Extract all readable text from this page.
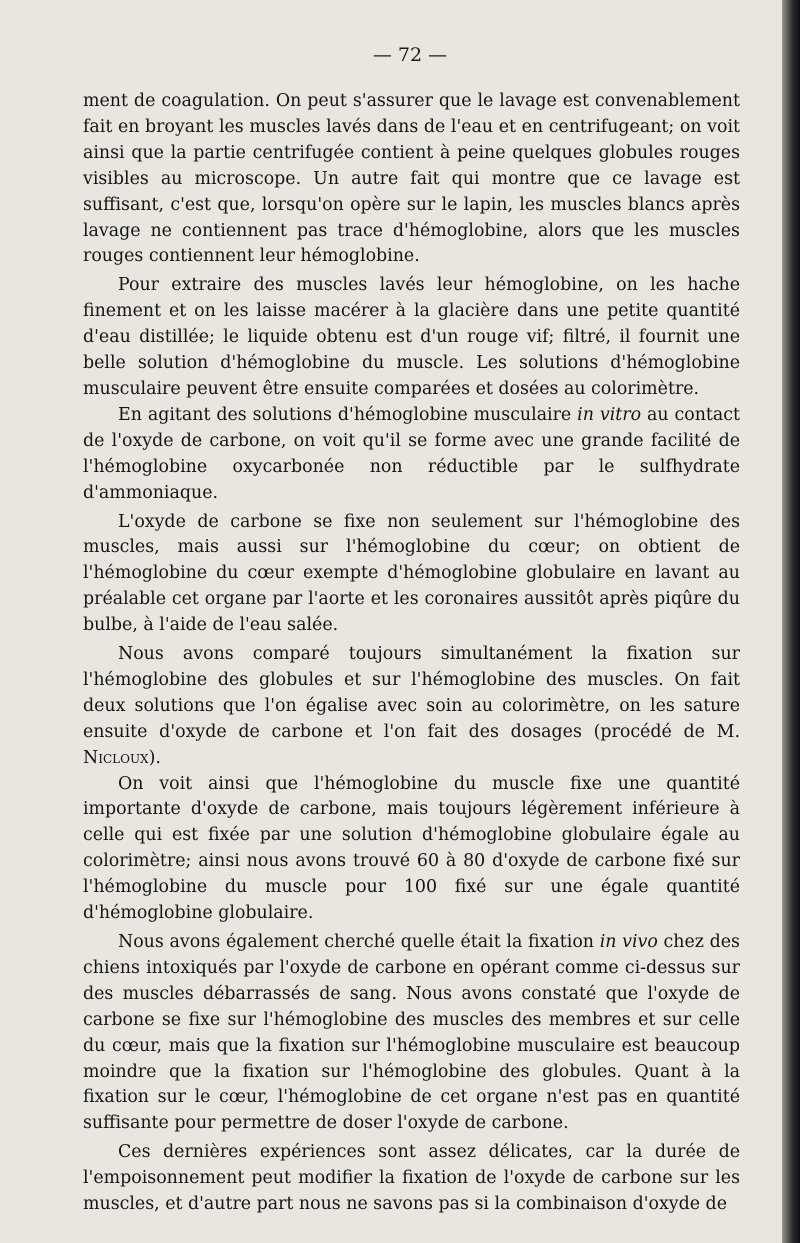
— 72 —

ment de coagulation. On peut s'assurer que le lavage est convenablement fait en broyant les muscles lavés dans de l'eau et en centrifugeant; on voit ainsi que la partie centrifugée contient à peine quelques globules rouges visibles au microscope. Un autre fait qui montre que ce lavage est suffisant, c'est que, lorsqu'on opère sur le lapin, les muscles blancs après lavage ne contiennent pas trace d'hémoglobine, alors que les muscles rouges contiennent leur hémoglobine.

Pour extraire des muscles lavés leur hémoglobine, on les hache finement et on les laisse macérer à la glacière dans une petite quantité d'eau distillée; le liquide obtenu est d'un rouge vif; filtré, il fournit une belle solution d'hémoglobine du muscle. Les solutions d'hémoglobine musculaire peuvent être ensuite comparées et dosées au colorimètre.

En agitant des solutions d'hémoglobine musculaire in vitro au contact de l'oxyde de carbone, on voit qu'il se forme avec une grande facilité de l'hémoglobine oxycarbonée non réductible par le sulfhydrate d'ammoniaque.

L'oxyde de carbone se fixe non seulement sur l'hémoglobine des muscles, mais aussi sur l'hémoglobine du cœur; on obtient de l'hémoglobine du cœur exempte d'hémoglobine globulaire en lavant au préalable cet organe par l'aorte et les coronaires aussitôt après piqûre du bulbe, à l'aide de l'eau salée.

Nous avons comparé toujours simultanément la fixation sur l'hémoglobine des globules et sur l'hémoglobine des muscles. On fait deux solutions que l'on égalise avec soin au colorimètre, on les sature ensuite d'oxyde de carbone et l'on fait des dosages (procédé de M. Nicloux).

On voit ainsi que l'hémoglobine du muscle fixe une quantité importante d'oxyde de carbone, mais toujours légèrement inférieure à celle qui est fixée par une solution d'hémoglobine globulaire égale au colorimètre; ainsi nous avons trouvé 60 à 80 d'oxyde de carbone fixé sur l'hémoglobine du muscle pour 100 fixé sur une égale quantité d'hémoglobine globulaire.

Nous avons également cherché quelle était la fixation in vivo chez des chiens intoxiqués par l'oxyde de carbone en opérant comme ci-dessus sur des muscles débarrassés de sang. Nous avons constaté que l'oxyde de carbone se fixe sur l'hémoglobine des muscles des membres et sur celle du cœur, mais que la fixation sur l'hémoglobine musculaire est beaucoup moindre que la fixation sur l'hémoglobine des globules. Quant à la fixation sur le cœur, l'hémoglobine de cet organe n'est pas en quantité suffisante pour permettre de doser l'oxyde de carbone.

Ces dernières expériences sont assez délicates, car la durée de l'empoisonnement peut modifier la fixation de l'oxyde de carbone sur les muscles, et d'autre part nous ne savons pas si la combinaison d'oxyde de
